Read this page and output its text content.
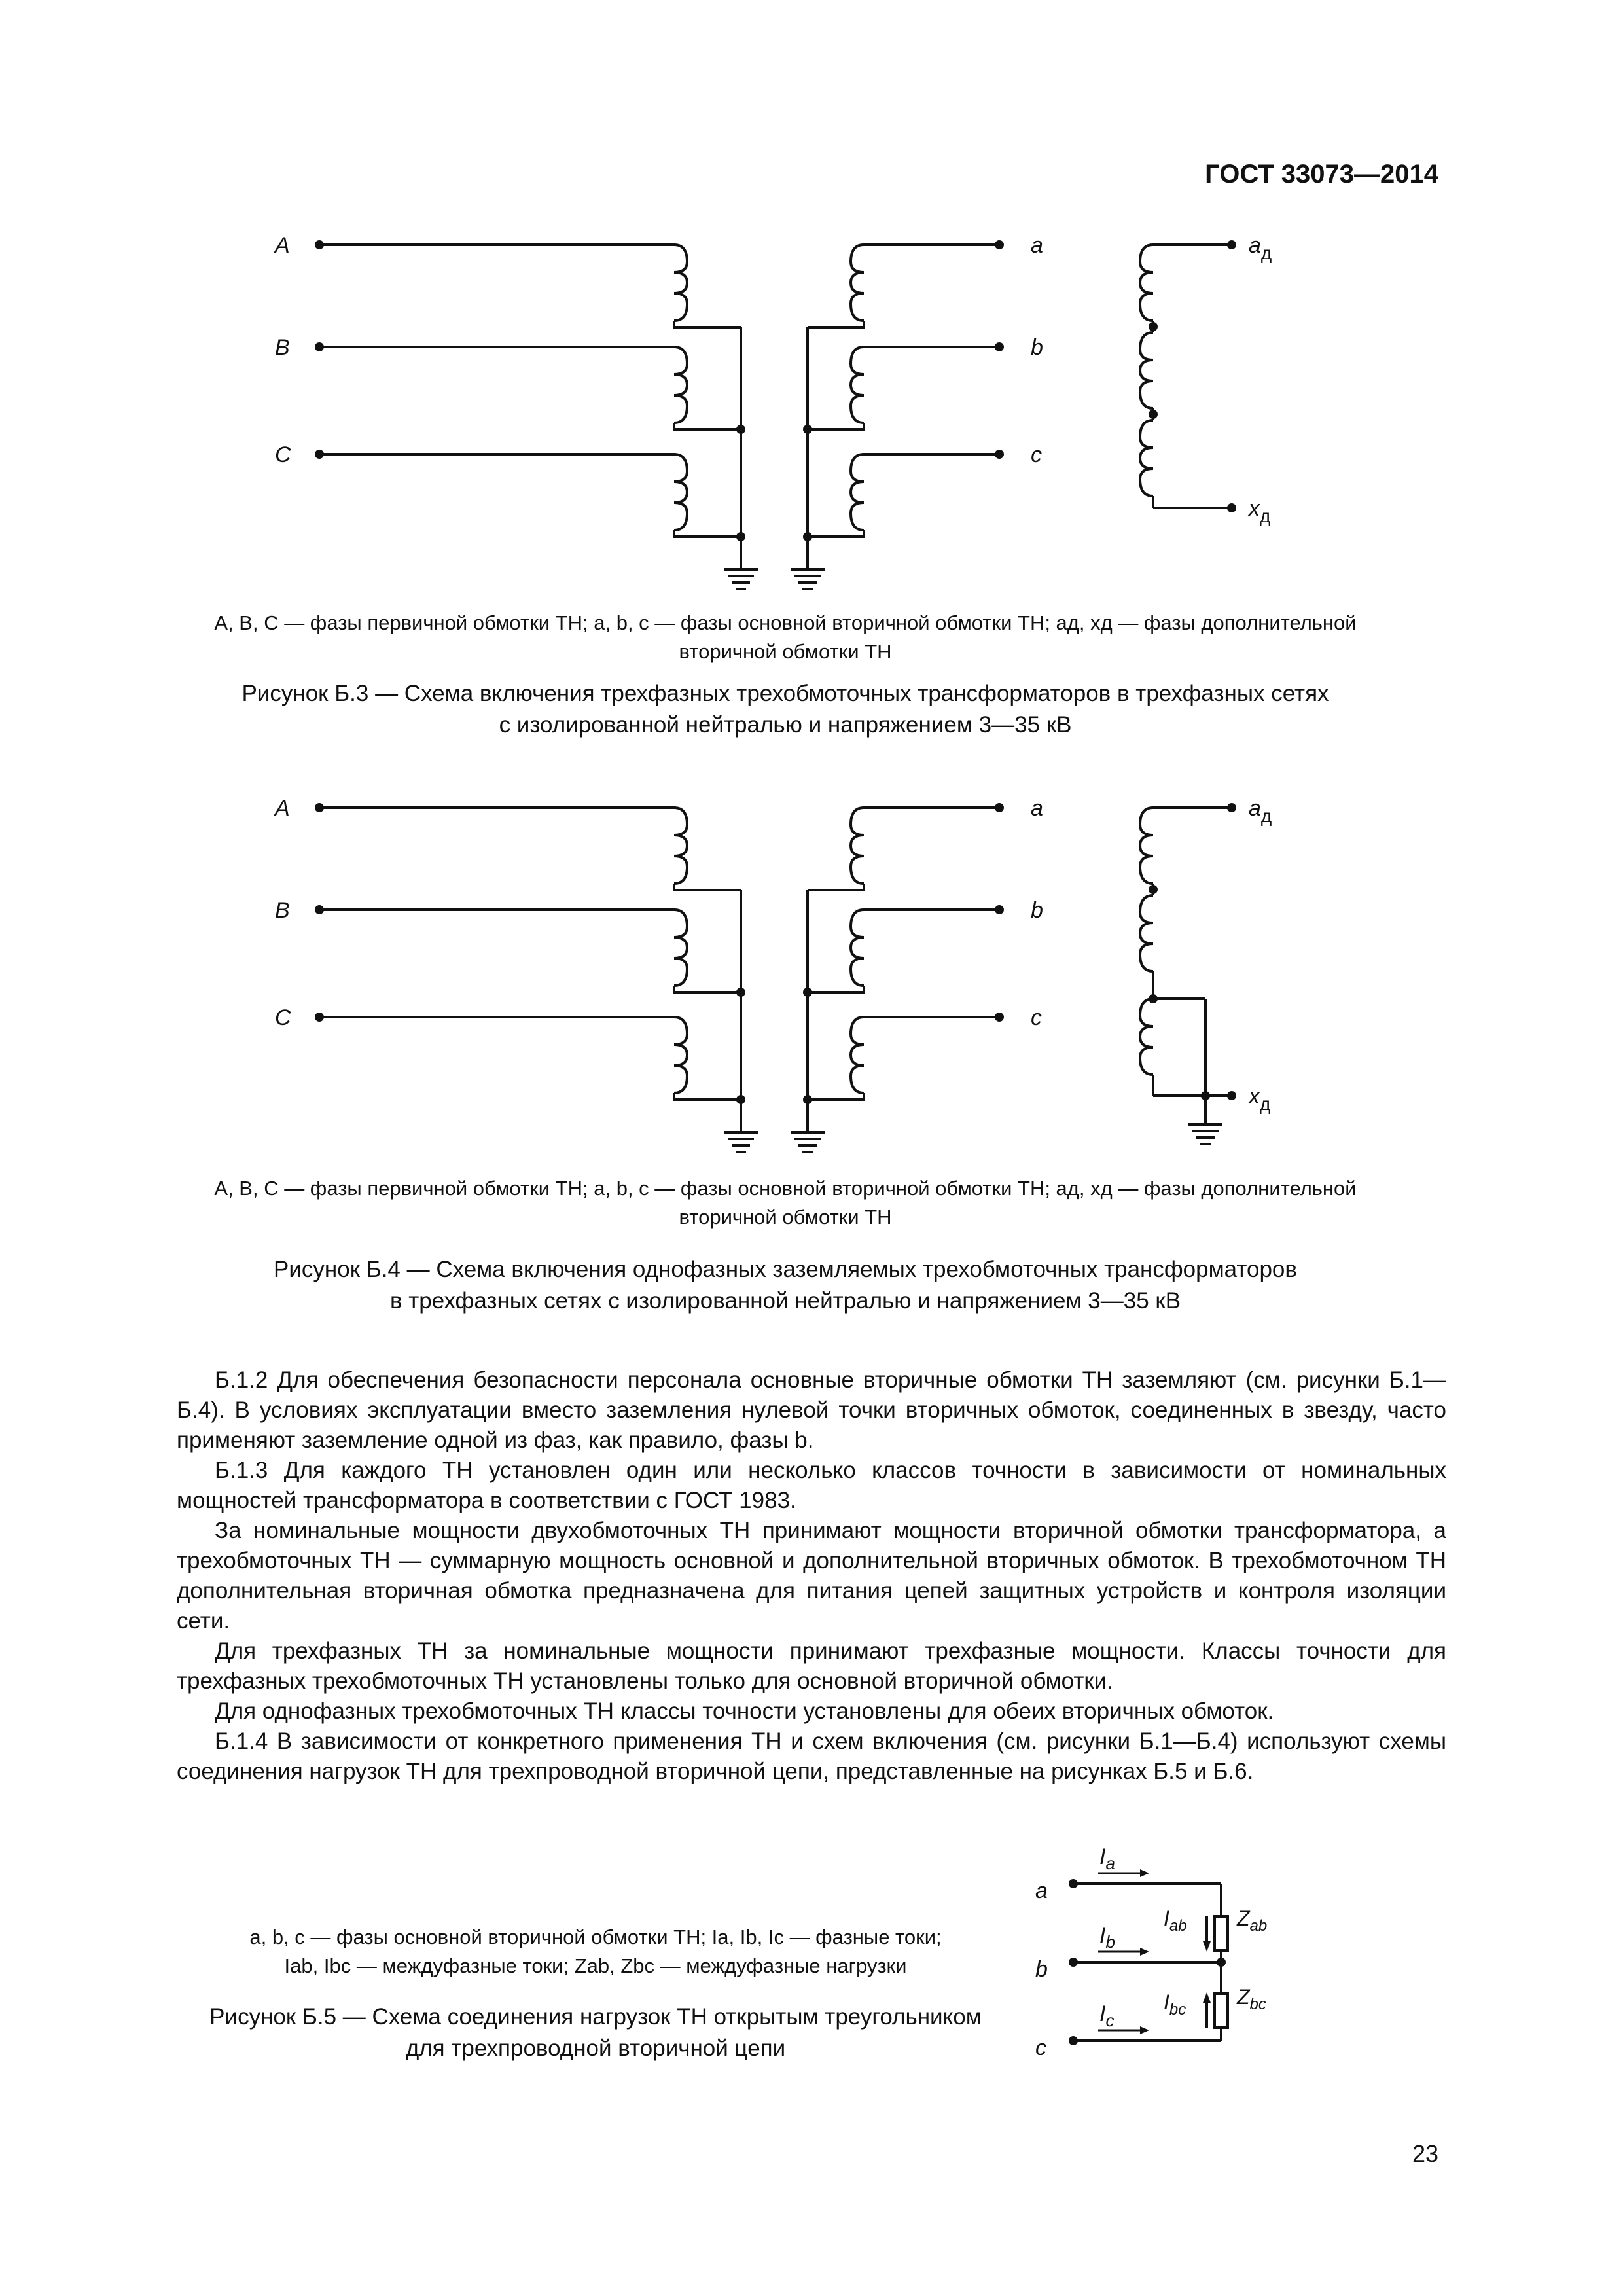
ГОСТ 33073—2014
A
B
C
a
b
c
$a_д$
$x_д$
A, B, C — фазы первичной обмотки ТН; a, b, c — фазы основной вторичной обмотки ТН; aд, xд — фазы дополнительной
вторичной обмотки ТН
Рисунок Б.3 — Схема включения трехфазных трехобмоточных трансформаторов в трехфазных сетях
с изолированной нейтралью и напряжением 3—35 кВ
A
B
C
a
b
c
$a_д$
$x_д$
A, B, C — фазы первичной обмотки ТН; a, b, c — фазы основной вторичной обмотки ТН; aд, xд — фазы дополнительной
вторичной обмотки ТН
Рисунок Б.4 — Схема включения однофазных заземляемых трехобмоточных трансформаторов
в трехфазных сетях с изолированной нейтралью и напряжением 3—35 кВ

Б.1.2 Для обеспечения безопасности персонала основные вторичные обмотки ТН заземляют (см. рисунки Б.1—Б.4). В условиях эксплуатации вместо заземления нулевой точки вторичных обмоток, соединенных в звезду, часто применяют заземление одной из фаз, как правило, фазы b.

Б.1.3 Для каждого ТН установлен один или несколько классов точности в зависимости от номинальных мощностей трансформатора в соответствии с ГОСТ 1983.

За номинальные мощности двухобмоточных ТН принимают мощности вторичной обмотки трансформатора, а трехобмоточных ТН — суммарную мощность основной и дополнительной вторичных обмоток. В трехобмоточном ТН дополнительная вторичная обмотка предназначена для питания цепей защитных устройств и контроля изоляции сети.

Для трехфазных ТН за номинальные мощности принимают трехфазные мощности. Классы точности для трехфазных трехобмоточных ТН установлены только для основной вторичной обмотки.

Для однофазных трехобмоточных ТН классы точности установлены для обеих вторичных обмоток.

Б.1.4 В зависимости от конкретного применения ТН и схем включения (см. рисунки Б.1—Б.4) используют схемы соединения нагрузок ТН для трехпроводной вторичной цепи, представленные на рисунках Б.5 и Б.6.

a, b, c — фазы основной вторичной обмотки ТН; Ia, Ib, Ic — фазные токи;
Iab, Ibc — междуфазные токи; Zab, Zbc — междуфазные нагрузки
Рисунок Б.5 — Схема соединения нагрузок ТН открытым треугольником
для трехпроводной вторичной цепи
a
b
c
$I_a$
$I_b$
$I_c$
$I_{ab}$
$I_{bc}$
$Z_{ab}$
$Z_{bc}$
23
